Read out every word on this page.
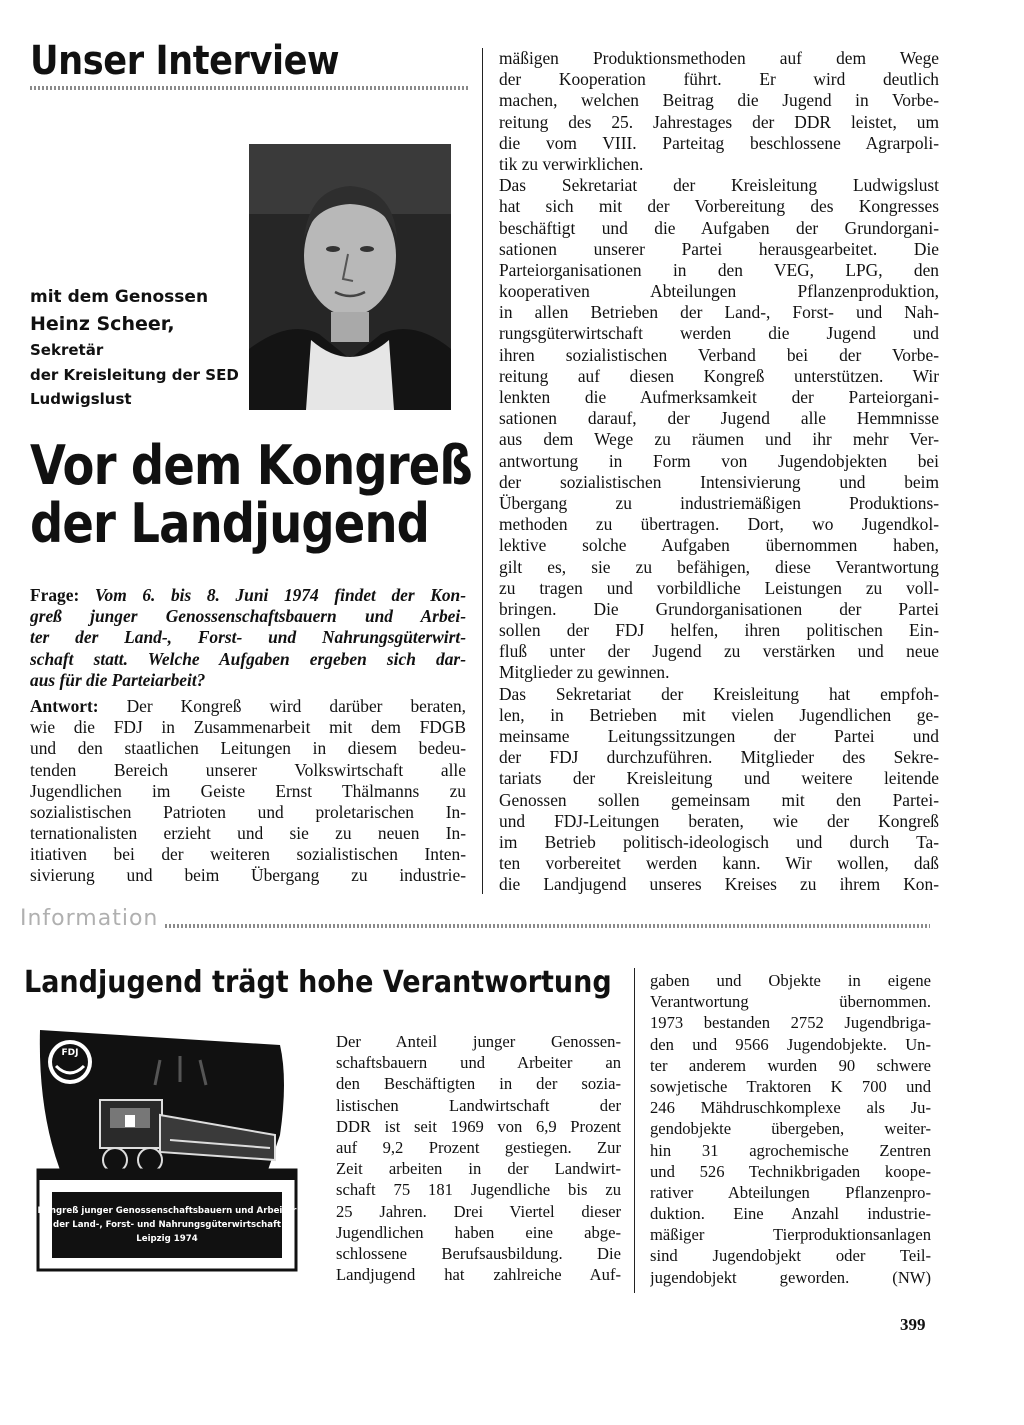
Unser Interview
mit dem Genossen
Heinz Scheer,
Sekretär
der Kreisleitung der SED
Ludwigslust
Vor dem Kongreß
der Landjugend
Frage: Vom 6. bis 8. Juni 1974 findet der Kon-
greß junger Genossenschaftsbauern und Arbei-
ter der Land-, Forst- und Nahrungsgüterwirt-
schaft statt. Welche Aufgaben ergeben sich dar-
aus für die Parteiarbeit?
Antwort: Der Kongreß wird darüber beraten,
wie die FDJ in Zusammenarbeit mit dem FDGB
und den staatlichen Leitungen in diesem bedeu-
tenden Bereich unserer Volkswirtschaft alle
Jugendlichen im Geiste Ernst Thälmanns zu
sozialistischen Patrioten und proletarischen In-
ternationalisten erzieht und sie zu neuen In-
itiativen bei der weiteren sozialistischen Inten-
sivierung und beim Übergang zu industrie-
mäßigen Produktionsmethoden auf dem Wege
der Kooperation führt. Er wird deutlich
machen, welchen Beitrag die Jugend in Vorbe-
reitung des 25. Jahrestages der DDR leistet, um
die vom VIII. Parteitag beschlossene Agrarpoli-
tik zu verwirklichen.
Das Sekretariat der Kreisleitung Ludwigslust
hat sich mit der Vorbereitung des Kongresses
beschäftigt und die Aufgaben der Grundorgani-
sationen unserer Partei herausgearbeitet. Die
Parteiorganisationen in den VEG, LPG, den
kooperativen Abteilungen Pflanzenproduktion,
in allen Betrieben der Land-, Forst- und Nah-
rungsgüterwirtschaft werden die Jugend und
ihren sozialistischen Verband bei der Vorbe-
reitung auf diesen Kongreß unterstützen. Wir
lenkten die Aufmerksamkeit der Parteiorgani-
sationen darauf, der Jugend alle Hemmnisse
aus dem Wege zu räumen und ihr mehr Ver-
antwortung in Form von Jugendobjekten bei
der sozialistischen Intensivierung und beim
Übergang zu industriemäßigen Produktions-
methoden zu übertragen. Dort, wo Jugendkol-
lektive solche Aufgaben übernommen haben,
gilt es, sie zu befähigen, diese Verantwortung
zu tragen und vorbildliche Leistungen zu voll-
bringen. Die Grundorganisationen der Partei
sollen der FDJ helfen, ihren politischen Ein-
fluß unter der Jugend zu verstärken und neue
Mitglieder zu gewinnen.
Das Sekretariat der Kreisleitung hat empfoh-
len, in Betrieben mit vielen Jugendlichen ge-
meinsame Leitungssitzungen der Partei und
der FDJ durchzuführen. Mitglieder des Sekre-
tariats der Kreisleitung und weitere leitende
Genossen sollen gemeinsam mit den Partei-
und FDJ-Leitungen beraten, wie der Kongreß
im Betrieb politisch-ideologisch und durch Ta-
ten vorbereitet werden kann. Wir wollen, daß
die Landjugend unseres Kreises zu ihrem Kon-
Information
Landjugend trägt hohe Verantwortung
Kongreß junger Genossenschaftsbauern und Arbeiter
der Land-, Forst- und Nahrungsgüterwirtschaft
Leipzig 1974
FDJ
Der Anteil junger Genossen-
schaftsbauern und Arbeiter an
den Beschäftigten in der sozia-
listischen Landwirtschaft der
DDR ist seit 1969 von 6,9 Prozent
auf 9,2 Prozent gestiegen. Zur
Zeit arbeiten in der Landwirt-
schaft 75 181 Jugendliche bis zu
25 Jahren. Drei Viertel dieser
Jugendlichen haben eine abge-
schlossene Berufsausbildung. Die
Landjugend hat zahlreiche Auf-
gaben und Objekte in eigene
Verantwortung übernommen.
1973 bestanden 2752 Jugendbriga-
den und 9566 Jugendobjekte. Un-
ter anderem wurden 90 schwere
sowjetische Traktoren K 700 und
246 Mähdruschkomplexe als Ju-
gendobjekte übergeben, weiter-
hin 31 agrochemische Zentren
und 526 Technikbrigaden koope-
rativer Abteilungen Pflanzenpro-
duktion. Eine Anzahl industrie-
mäßiger Tierproduktionsanlagen
sind Jugendobjekt oder Teil-
jugendobjekt geworden. (NW)
399
